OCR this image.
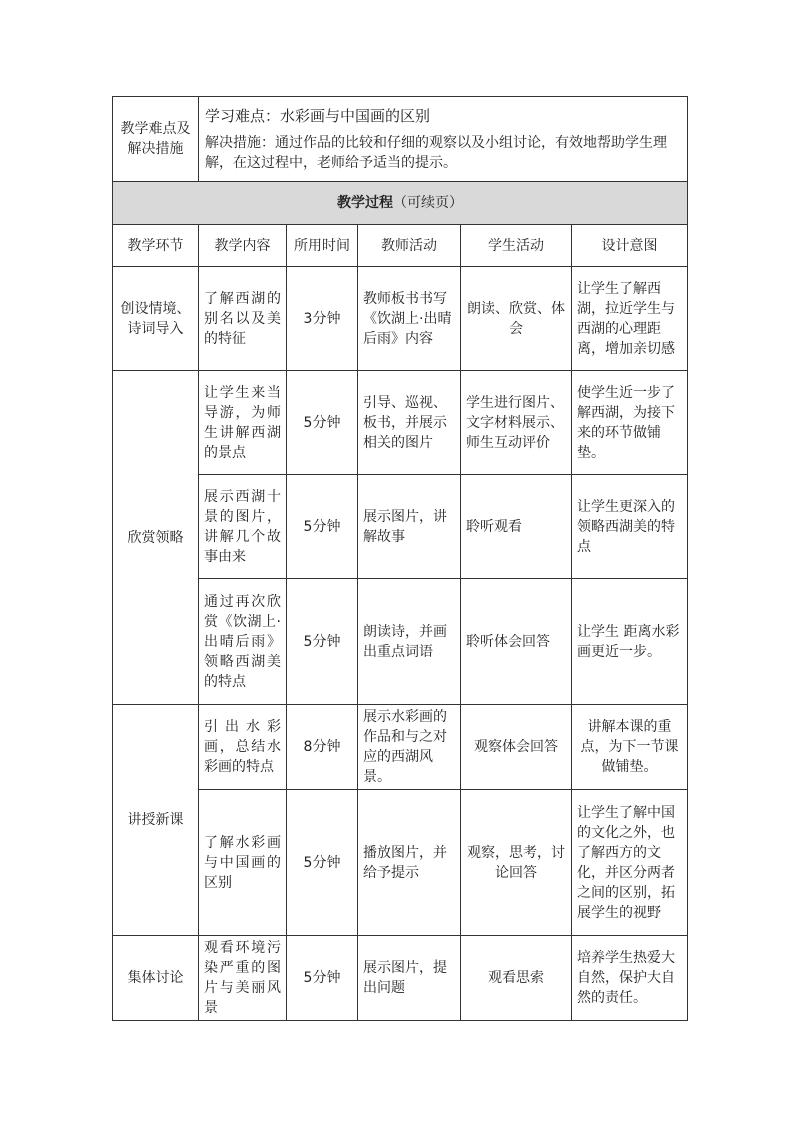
教学难点及解决措施	学习难点：水彩画与中国画的区别
解决措施：通过作品的比较和仔细的观察以及小组讨论，有效地帮助学生理解，在这过程中，老师给予适当的提示。				

教学过程（可续页）					
教学环节	教学内容	所用时间	教师活动	学生活动	设计意图
创设情境、诗词导入	了解西湖的别名以及美的特征	3分钟	教师板书书写《饮湖上·出晴后雨》内容	朗读、欣赏、体会	让学生了解西湖，拉近学生与西湖的心理距离，增加亲切感
欣赏领略	让学生来当导游，为师生讲解西湖的景点	5分钟	引导、巡视、板书，并展示相关的图片	学生进行图片、文字材料展示、师生互动评价	使学生近一步了解西湖，为接下来的环节做铺垫。
	展示西湖十景的图片，讲解几个故事由来	5分钟	展示图片，讲解故事	聆听观看	让学生更深入的领略西湖美的特点
	通过再次欣赏《饮湖上·出晴后雨》领略西湖美的特点	5分钟	朗读诗，并画出重点词语	聆听体会回答	让学生 距离水彩画更近一步。
讲授新课	引出水彩画，总结水彩画的特点	8分钟	展示水彩画的作品和与之对应的西湖风景。	观察体会回答	讲解本课的重点，为下一节课做铺垫。
	了解水彩画与中国画的区别	5分钟	播放图片，并给予提示	观察，思考，讨论回答	让学生了解中国的文化之外，也了解西方的文化，并区分两者之间的区别，拓展学生的视野
集体讨论	观看环境污染严重的图片与美丽风景	5分钟	展示图片，提出问题	观看思索	培养学生热爱大自然，保护大自然的责任。
